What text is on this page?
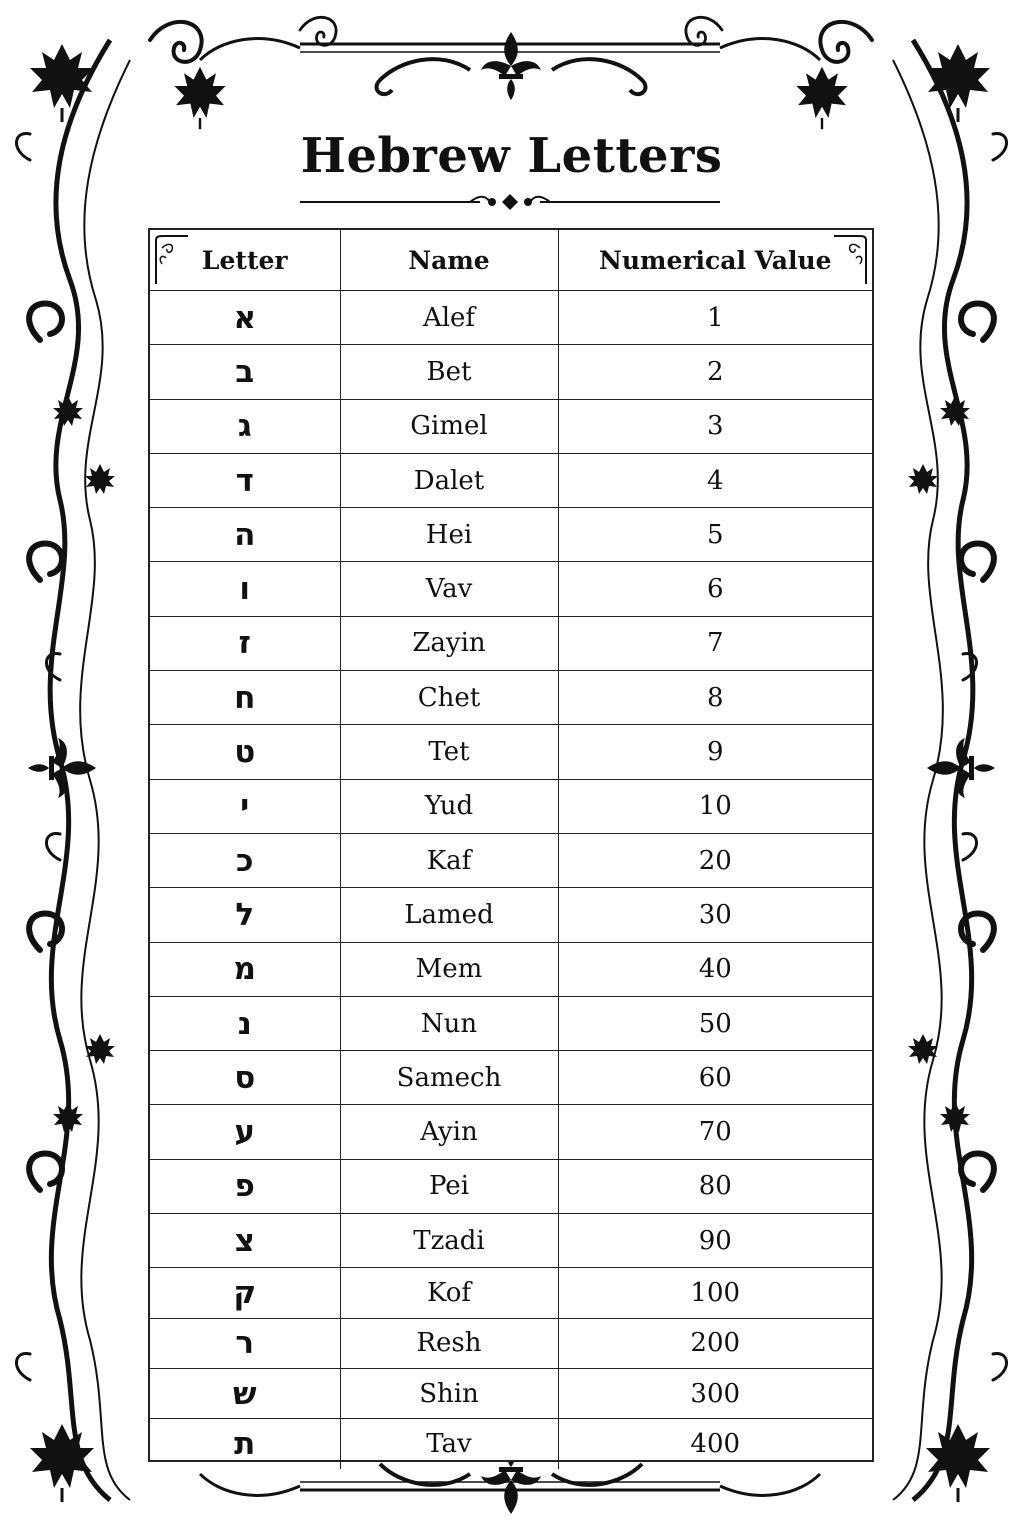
Hebrew Letters
Letter	Name	Numerical Value

א	Alef	1
ב	Bet	2
ג	Gimel	3
ד	Dalet	4
ה	Hei	5
ו	Vav	6
ז	Zayin	7
ח	Chet	8
ט	Tet	9
י	Yud	10
כ	Kaf	20
ל	Lamed	30
מ	Mem	40
נ	Nun	50
ס	Samech	60
ע	Ayin	70
פ	Pei	80
צ	Tzadi	90
ק	Kof	100
ר	Resh	200
ש	Shin	300
ת	Tav	400
